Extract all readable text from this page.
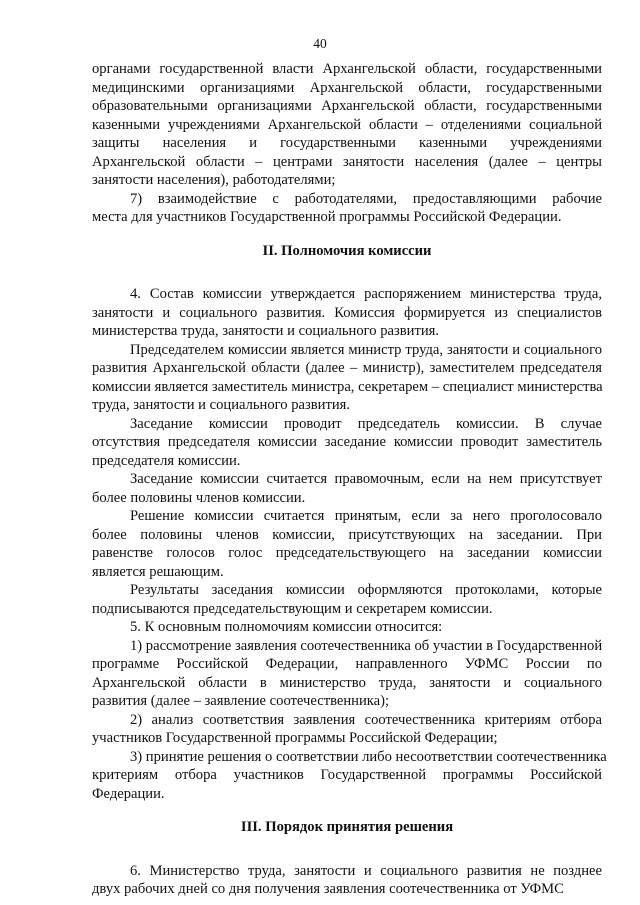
40
органами государственной власти Архангельской области, государственными
медицинскими организациями Архангельской области, государственными
образовательными организациями Архангельской области, государственными
казенными учреждениями Архангельской области – отделениями социальной
защиты населения и государственными казенными учреждениями
Архангельской области – центрами занятости населения (далее – центры
занятости населения), работодателями;
7) взаимодействие с работодателями, предоставляющими рабочие
места для участников Государственной программы Российской Федерации.
II. Полномочия комиссии
4. Состав комиссии утверждается распоряжением министерства труда,
занятости и социального развития. Комиссия формируется из специалистов
министерства труда, занятости и социального развития.
Председателем комиссии является министр труда, занятости и социального
развития Архангельской области (далее – министр), заместителем председателя
комиссии является заместитель министра, секретарем – специалист министерства
труда, занятости и социального развития.
Заседание комиссии проводит председатель комиссии. В случае
отсутствия председателя комиссии заседание комиссии проводит заместитель
председателя комиссии.
Заседание комиссии считается правомочным, если на нем присутствует
более половины членов комиссии.
Решение комиссии считается принятым, если за него проголосовало
более половины членов комиссии, присутствующих на заседании. При
равенстве голосов голос председательствующего на заседании комиссии
является решающим.
Результаты заседания комиссии оформляются протоколами, которые
подписываются председательствующим и секретарем комиссии.
5. К основным полномочиям комиссии относится:
1) рассмотрение заявления соотечественника об участии в Государственной
программе Российской Федерации, направленного УФМС России по
Архангельской области в министерство труда, занятости и социального
развития (далее – заявление соотечественника);
2) анализ соответствия заявления соотечественника критериям отбора
участников Государственной программы Российской Федерации;
3) принятие решения о соответствии либо несоответствии соотечественника
критериям отбора участников Государственной программы Российской
Федерации.
III. Порядок принятия решения
6. Министерство труда, занятости и социального развития не позднее
двух рабочих дней со дня получения заявления соотечественника от УФМС
